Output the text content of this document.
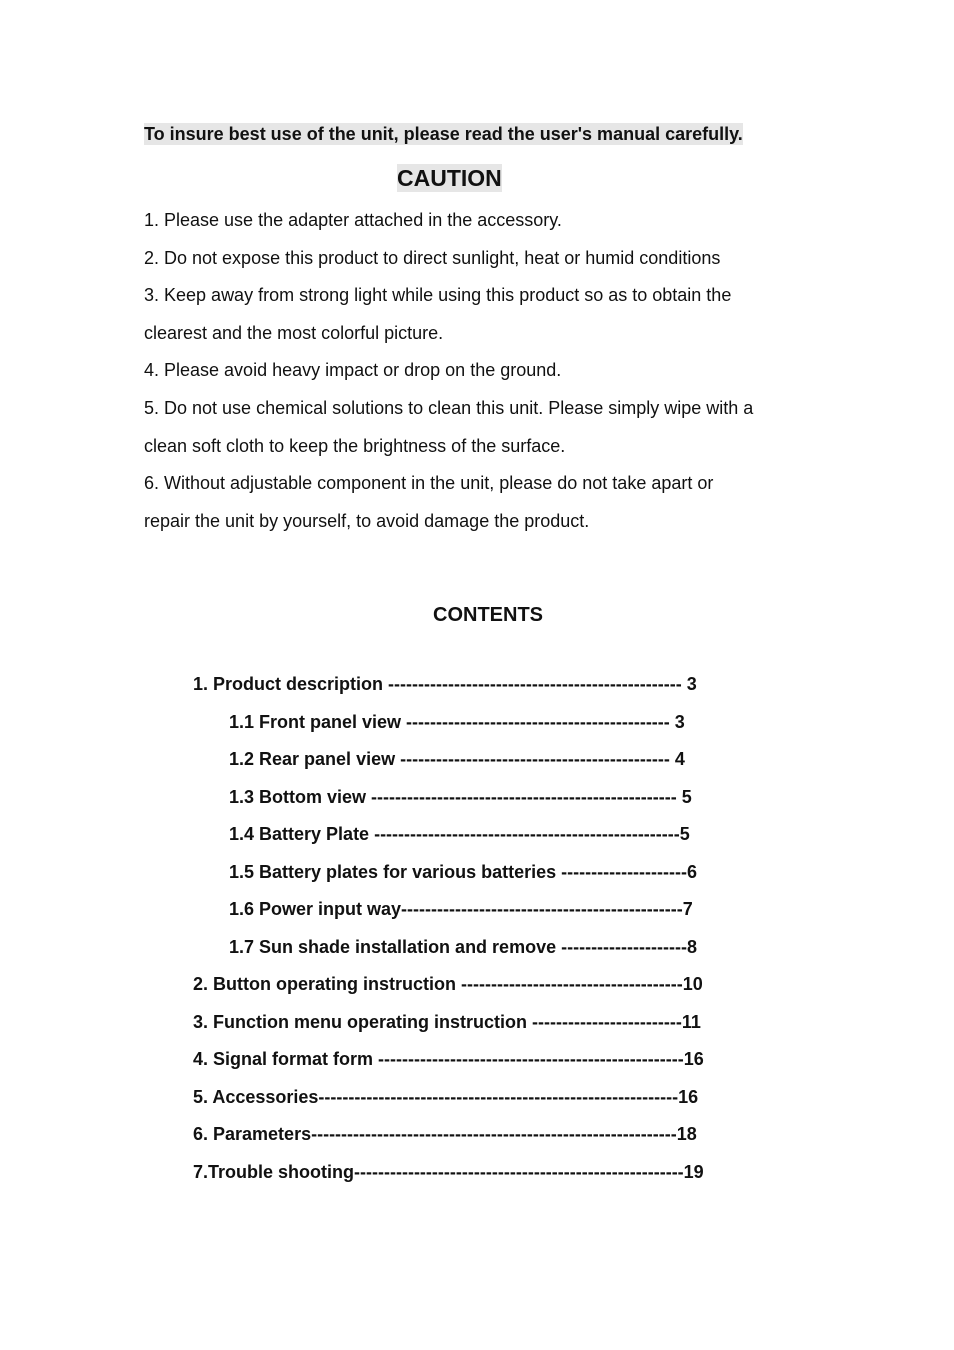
To insure best use of the unit, please read the user's manual carefully.
CAUTION
1. Please use the adapter attached in the accessory.
2. Do not expose this product to direct sunlight, heat or humid conditions
3. Keep away from strong light while using this product so as to obtain the
clearest and the most colorful picture.
4. Please avoid heavy impact or drop on the ground.
5. Do not use chemical solutions to clean this unit. Please simply wipe with a
clean soft cloth to keep the brightness of the surface.
6. Without adjustable component in the unit, please do not take apart or
repair the unit by yourself, to avoid damage the product.
CONTENTS
1. Product description ------------------------------------------------- 3
1.1 Front panel view -------------------------------------------- 3
1.2 Rear panel view --------------------------------------------- 4
1.3 Bottom view --------------------------------------------------- 5
1.4 Battery Plate ---------------------------------------------------5
1.5 Battery plates for various batteries ---------------------6
1.6 Power input way-----------------------------------------------7
1.7 Sun shade installation and remove ---------------------8
2. Button operating instruction -------------------------------------10
3. Function menu operating instruction -------------------------11
4. Signal format form ---------------------------------------------------16
5. Accessories------------------------------------------------------------16
6. Parameters-------------------------------------------------------------18
7.Trouble shooting-------------------------------------------------------19
